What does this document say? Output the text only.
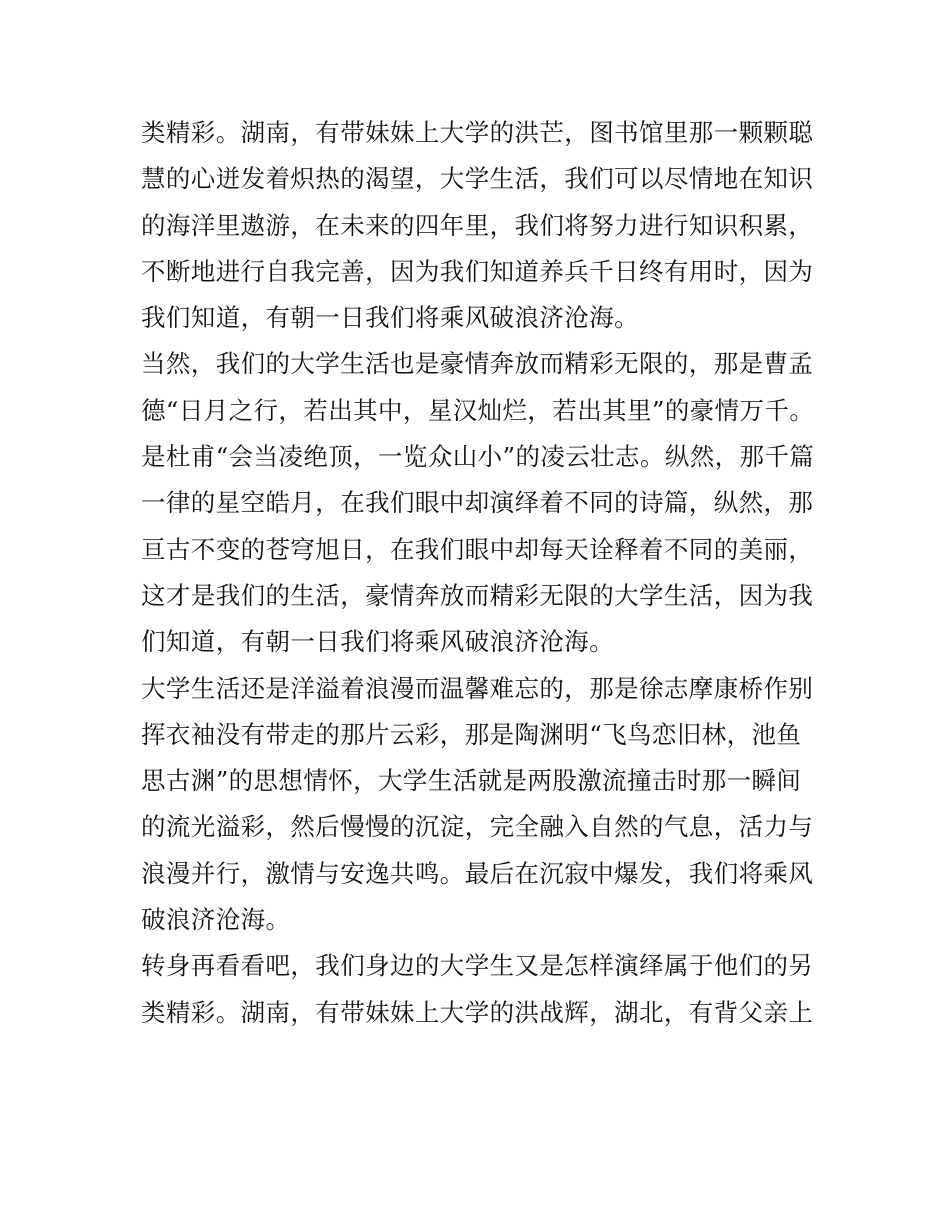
类精彩。湖南，有带妹妹上大学的洪芒，图书馆里那一颗颗聪
慧的心迸发着炽热的渴望，大学生活，我们可以尽情地在知识
的海洋里遨游，在未来的四年里，我们将努力进行知识积累，
不断地进行自我完善，因为我们知道养兵千日终有用时，因为
我们知道，有朝一日我们将乘风破浪济沧海。
当然，我们的大学生活也是豪情奔放而精彩无限的，那是曹孟
德“日月之行，若出其中，星汉灿烂，若出其里”的豪情万千。
是杜甫“会当凌绝顶，一览众山小”的凌云壮志。纵然，那千篇
一律的星空皓月，在我们眼中却演绎着不同的诗篇，纵然，那
亘古不变的苍穹旭日，在我们眼中却每天诠释着不同的美丽，
这才是我们的生活，豪情奔放而精彩无限的大学生活，因为我
们知道，有朝一日我们将乘风破浪济沧海。
大学生活还是洋溢着浪漫而温馨难忘的，那是徐志摩康桥作别
挥衣袖没有带走的那片云彩，那是陶渊明“飞鸟恋旧林，池鱼
思古渊”的思想情怀，大学生活就是两股激流撞击时那一瞬间
的流光溢彩，然后慢慢的沉淀，完全融入自然的气息，活力与
浪漫并行，激情与安逸共鸣。最后在沉寂中爆发，我们将乘风
破浪济沧海。
转身再看看吧，我们身边的大学生又是怎样演绎属于他们的另
类精彩。湖南，有带妹妹上大学的洪战辉，湖北，有背父亲上
